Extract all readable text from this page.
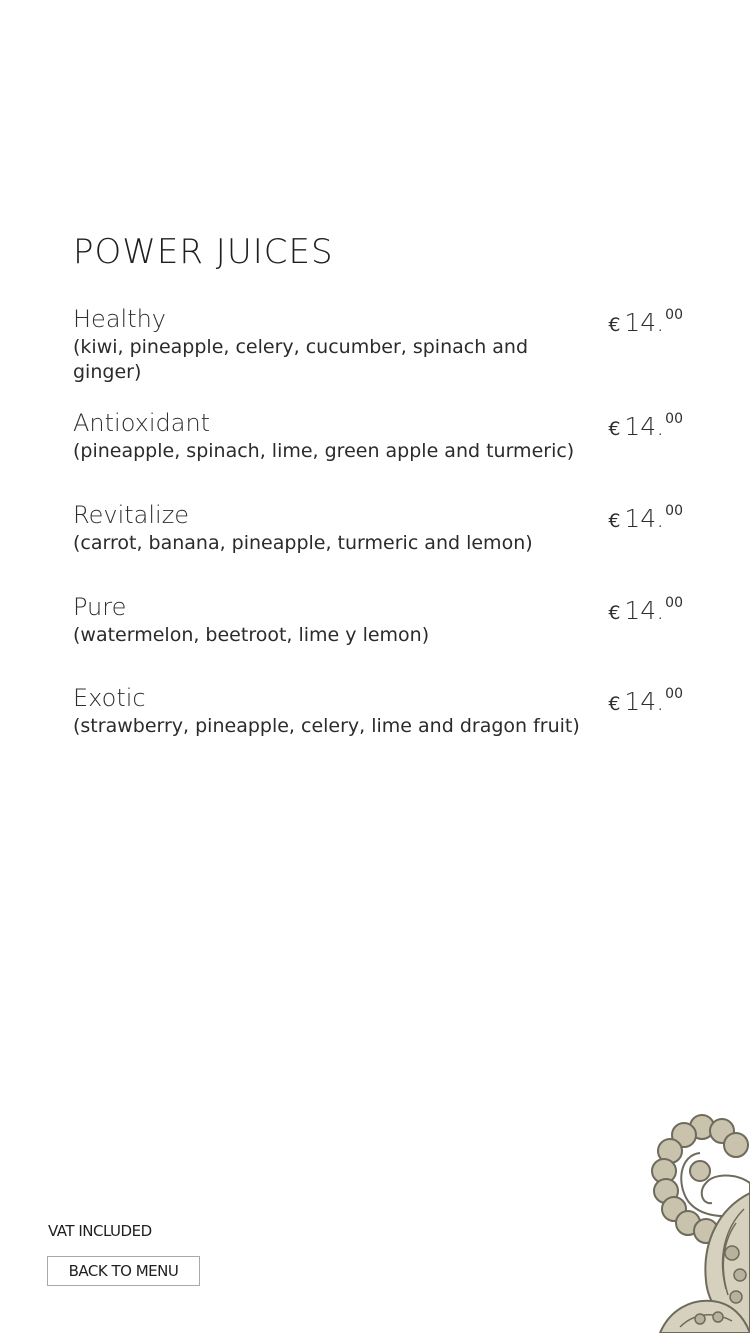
POWER JUICES
Healthy
(kiwi, pineapple, celery, cucumber, spinach and ginger)
€ 14.00
Antioxidant
(pineapple, spinach, lime, green apple and turmeric)
€ 14.00
Revitalize
(carrot, banana, pineapple, turmeric and lemon)
€ 14.00
Pure
(watermelon, beetroot, lime y lemon)
€ 14.00
Exotic
(strawberry, pineapple, celery, lime and dragon fruit)
€ 14.00
VAT INCLUDED
BACK TO MENU
